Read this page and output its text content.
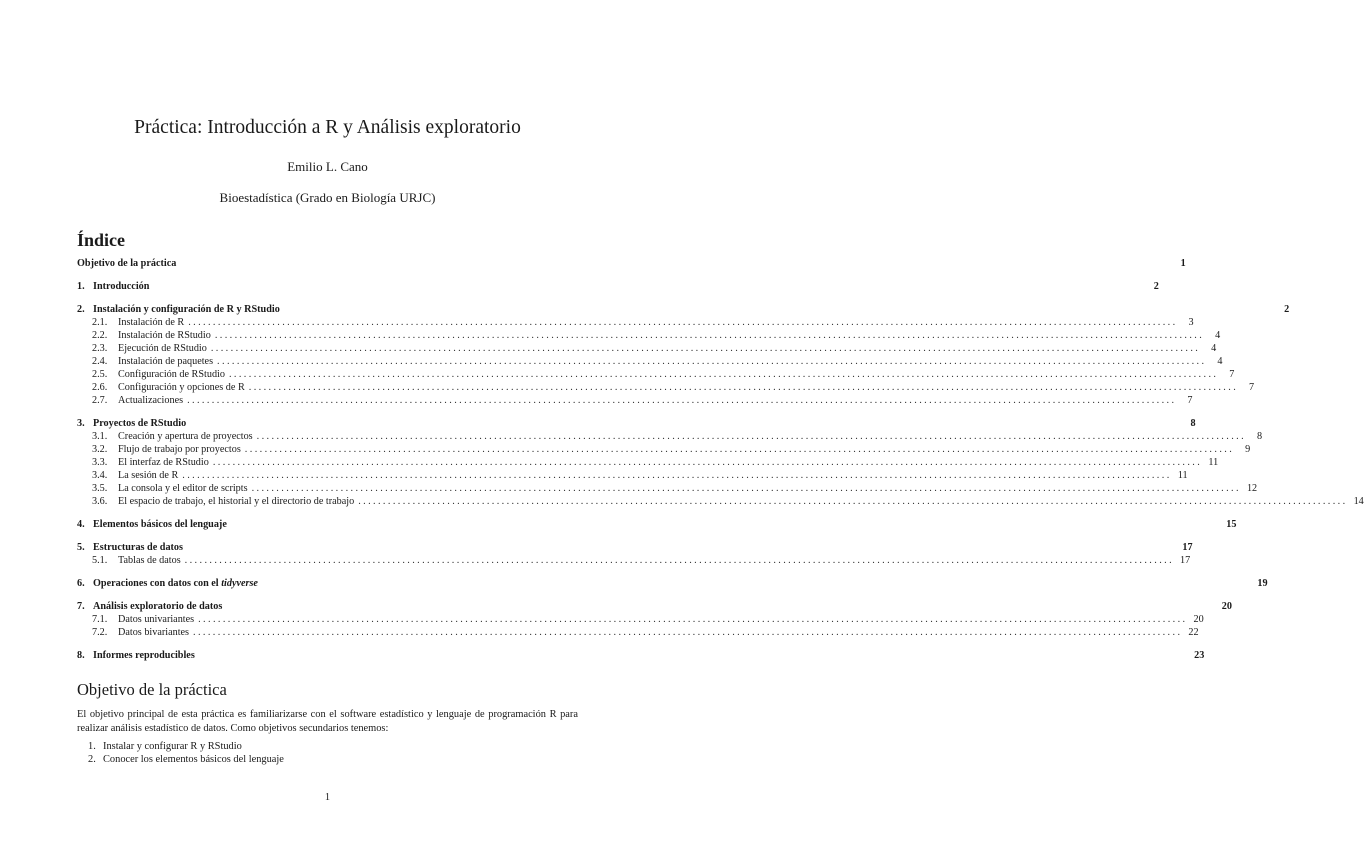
Práctica: Introducción a R y Análisis exploratorio
Emilio L. Cano
Bioestadística (Grado en Biología URJC)
Índice
Objetivo de la práctica	1
1. Introducción	2
2. Instalación y configuración de R y RStudio	2
2.1.	Instalación de R ........................................................................................................................................................................................................	3
2.2.	Instalación de RStudio ........................................................................................................................................................................................................	4
2.3.	Ejecución de RStudio ........................................................................................................................................................................................................	4
2.4.	Instalación de paquetes ........................................................................................................................................................................................................	4
2.5.	Configuración de RStudio ........................................................................................................................................................................................................	7
2.6.	Configuración y opciones de R ........................................................................................................................................................................................................	7
2.7.	Actualizaciones ........................................................................................................................................................................................................	7
3. Proyectos de RStudio	8
3.1.	Creación y apertura de proyectos ........................................................................................................................................................................................................	8
3.2.	Flujo de trabajo por proyectos ........................................................................................................................................................................................................	9
3.3.	El interfaz de RStudio ........................................................................................................................................................................................................ 11
3.4.	La sesión de R ........................................................................................................................................................................................................ 11
3.5.	La consola y el editor de scripts ........................................................................................................................................................................................................ 12
3.6.	El espacio de trabajo, el historial y el directorio de trabajo ........................................................................................................................................................................................................ 14
4. Elementos básicos del lenguaje	15
5. Estructuras de datos	17
5.1.	Tablas de datos ........................................................................................................................................................................................................ 17
6. Operaciones con datos con el tidyverse	19
7. Análisis exploratorio de datos	20
7.1.	Datos univariantes ........................................................................................................................................................................................................ 20
7.2.	Datos bivariantes ........................................................................................................................................................................................................ 22
8. Informes reproducibles	23
Objetivo de la práctica
El objetivo principal de esta práctica es familiarizarse con el software estadístico y lenguaje de programación R para realizar análisis estadístico de datos. Como objetivos secundarios tenemos:
1. Instalar y configurar R y RStudio
2. Conocer los elementos básicos del lenguaje
1
